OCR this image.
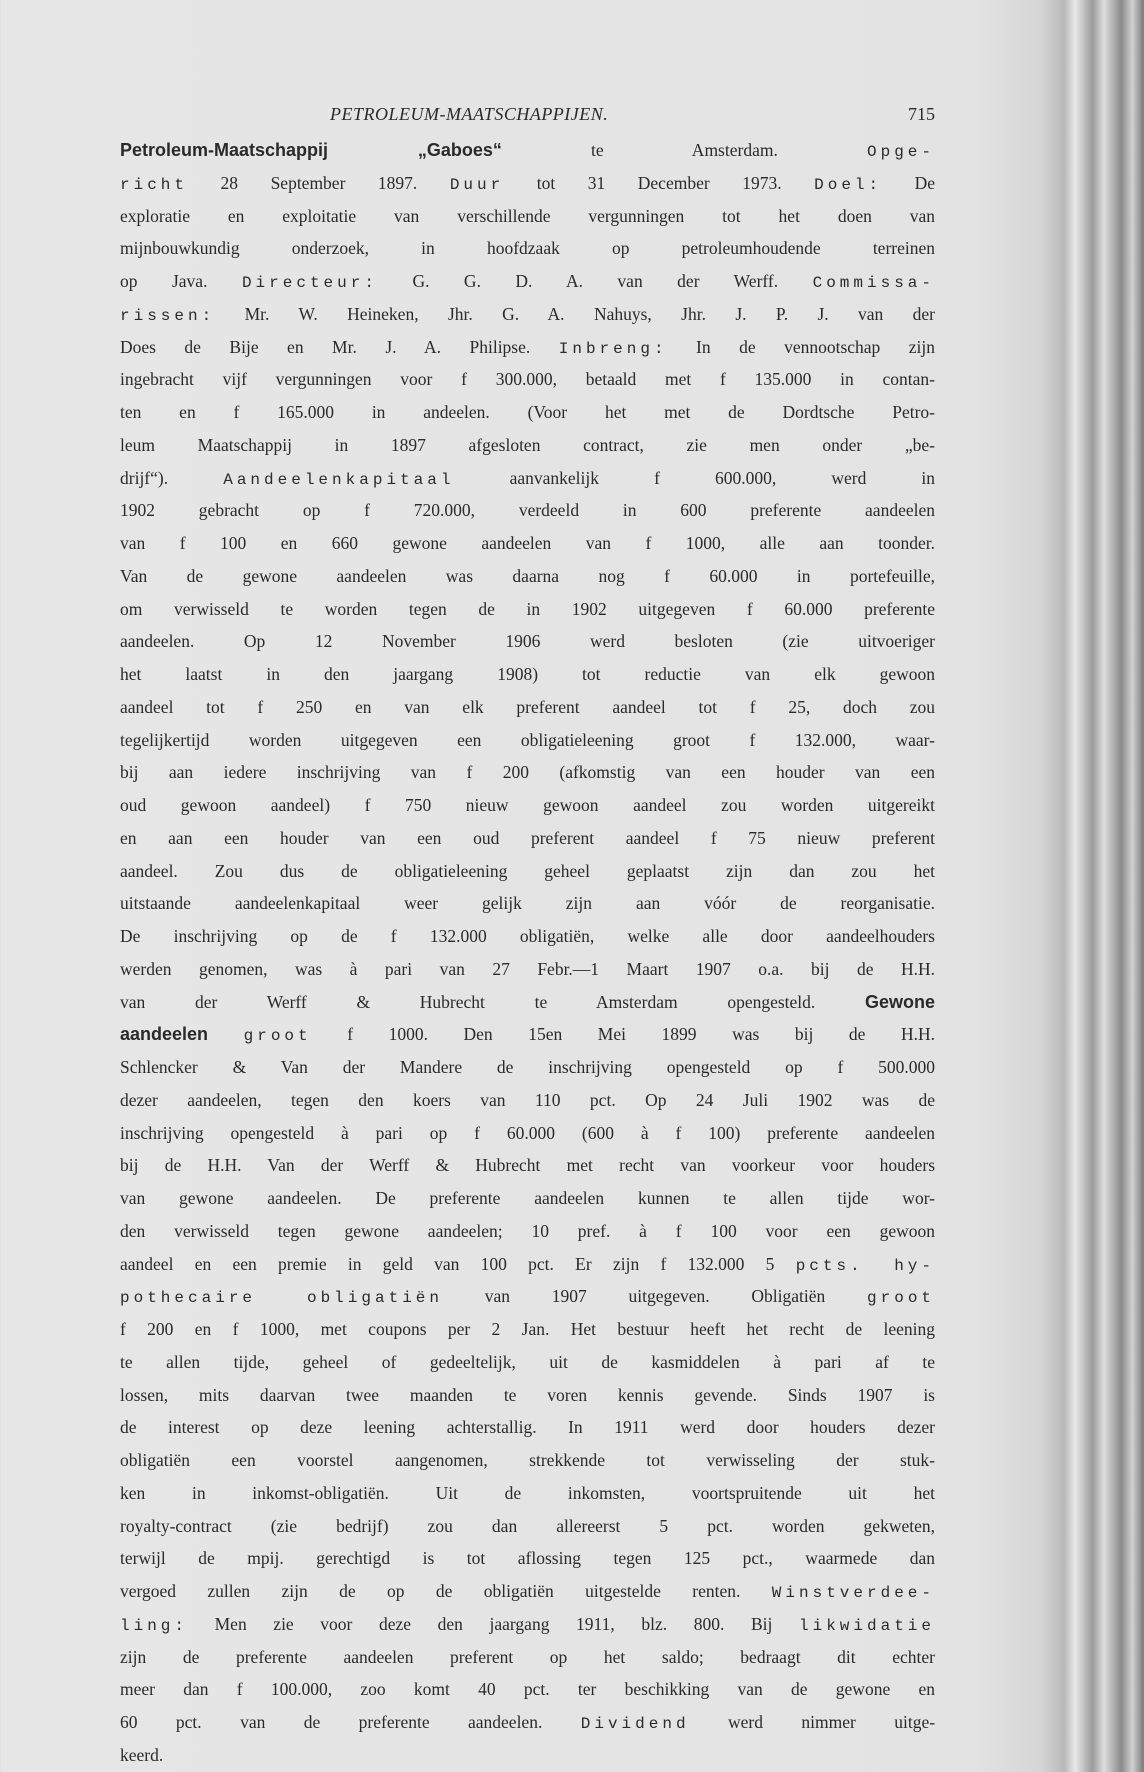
PETROLEUM-MAATSCHAPPIJEN.	715
Petroleum-Maatschappij „Gaboes“	te Amsterdam.	Opge-
richt 28 September 1897. Duur tot 31 December 1973. Doel: De
exploratie en exploitatie van verschillende vergunningen tot het doen van
mijnbouwkundig onderzoek, in hoofdzaak op petroleumhoudende terreinen
op Java. Directeur: G. G. D. A. van der Werff. Commissa-
rissen: Mr. W. Heineken, Jhr. G. A. Nahuys, Jhr. J. P. J. van der
Does de Bije en Mr. J. A. Philipse. Inbreng: In de vennootschap zijn
ingebracht vijf vergunningen voor f 300.000, betaald met f 135.000 in contan-
ten en f 165.000 in andeelen. (Voor het met de Dordtsche Petro-
leum Maatschappij in 1897 afgesloten contract, zie men onder „be-
drijf“).	Aandeelenkapitaal	aanvankelijk f 600.000, werd in
1902 gebracht op f 720.000, verdeeld in 600 preferente aandeelen
van f 100 en 660 gewone aandeelen van f 1000, alle aan toonder.
Van de gewone aandeelen was daarna nog f 60.000 in portefeuille,
om verwisseld te worden tegen de in 1902 uitgegeven f 60.000 preferente
aandeelen. Op 12 November 1906 werd besloten (zie uitvoeriger
het laatst in den jaargang 1908) tot reductie van elk gewoon
aandeel tot f 250 en van elk preferent aandeel tot f 25, doch zou
tegelijkertijd worden uitgegeven een obligatieleening groot f 132.000, waar-
bij aan iedere inschrijving van f 200 (afkomstig van een houder van een
oud gewoon aandeel) f 750 nieuw gewoon aandeel zou worden uitgereikt
en aan een houder van een oud preferent aandeel f 75 nieuw preferent
aandeel. Zou dus de obligatieleening geheel geplaatst zijn dan zou het
uitstaande aandeelenkapitaal weer gelijk zijn aan vóór de reorganisatie.
De inschrijving op de f 132.000 obligatiën, welke alle door aandeelhouders
werden genomen, was à pari van 27 Febr.—1 Maart 1907 o.a. bij de H.H.
van der Werff & Hubrecht te Amsterdam opengesteld.	Gewone
aandeelen groot f 1000. Den 15en Mei 1899 was bij de H.H.
Schlencker & Van der Mandere de inschrijving opengesteld op f 500.000
dezer aandeelen, tegen den koers van 110 pct. Op 24 Juli 1902 was de
inschrijving opengesteld à pari op f 60.000 (600 à f 100) preferente aandeelen
bij de H.H. Van der Werff & Hubrecht met recht van voorkeur voor houders
van gewone aandeelen. De preferente aandeelen kunnen te allen tijde wor-
den verwisseld tegen gewone aandeelen; 10 pref. à f 100 voor een gewoon
aandeel en een premie in geld van 100 pct. Er zijn f 132.000 5 pcts. hy-
pothecaire obligatiën van 1907 uitgegeven. Obligatiën	groot
f 200 en f 1000, met coupons per 2 Jan. Het bestuur heeft het recht de leening
te allen tijde, geheel of gedeeltelijk, uit de kasmiddelen à pari af te
lossen, mits daarvan twee maanden te voren kennis gevende. Sinds 1907 is
de interest op deze leening achterstallig. In 1911 werd door houders dezer
obligatiën een voorstel aangenomen, strekkende tot verwisseling der stuk-
ken in inkomst-obligatiën. Uit de inkomsten, voortspruitende uit het
royalty-contract (zie bedrijf) zou dan allereerst 5 pct. worden gekweten,
terwijl de mpij. gerechtigd is tot aflossing tegen 125 pct., waarmede dan
vergoed zullen zijn de op de obligatiën uitgestelde renten. Winstverdee-
ling: Men zie voor deze den jaargang 1911, blz. 800. Bij likwidatie
zijn de preferente aandeelen preferent op het saldo; bedraagt dit echter
meer dan f 100.000, zoo komt 40 pct. ter beschikking van de gewone en
60 pct. van de preferente aandeelen. Dividend werd nimmer uitge-
keerd.
